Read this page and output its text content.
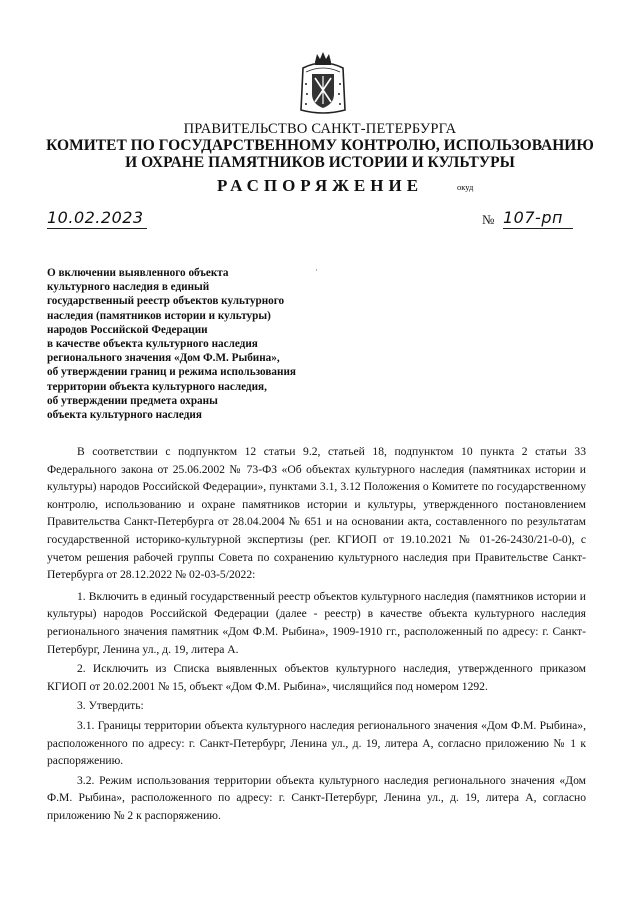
ПРАВИТЕЛЬСТВО САНКТ-ПЕТЕРБУРГА
КОМИТЕТ ПО ГОСУДАРСТВЕННОМУ КОНТРОЛЮ, ИСПОЛЬЗОВАНИЮ
И ОХРАНЕ ПАМЯТНИКОВ ИСТОРИИ И КУЛЬТУРЫ
РАСПОРЯЖЕНИЕ	окуд
10.02.2023	№ 107-рп
·
О включении выявленного объекта
культурного наследия в единый
государственный реестр объектов культурного
наследия (памятников истории и культуры)
народов Российской Федерации
в качестве объекта культурного наследия
регионального значения «Дом Ф.М. Рыбина»,
об утверждении границ и режима использования
территории объекта культурного наследия,
об утверждении предмета охраны
объекта культурного наследия

В соответствии с подпунктом 12 статьи 9.2, статьей 18, подпунктом 10 пункта 2 статьи 33 Федерального закона от 25.06.2002 № 73-ФЗ «Об объектах культурного наследия (памятниках истории и культуры) народов Российской Федерации», пунктами 3.1, 3.12 Положения о Комитете по государственному контролю, использованию и охране памятников истории и культуры, утвержденного постановлением Правительства Санкт-Петербурга от 28.04.2004 № 651 и на основании акта, составленного по результатам государственной историко-культурной экспертизы (рег. КГИОП от 19.10.2021 № 01-26-2430/21-0-0), с учетом решения рабочей группы Совета по сохранению культурного наследия при Правительстве Санкт-Петербурга от 28.12.2022 № 02-03-5/2022:

1. Включить в единый государственный реестр объектов культурного наследия (памятников истории и культуры) народов Российской Федерации (далее - реестр) в качестве объекта культурного наследия регионального значения памятник «Дом Ф.М. Рыбина», 1909-1910 гг., расположенный по адресу: г. Санкт-Петербург, Ленина ул., д. 19, литера А.

2. Исключить из Списка выявленных объектов культурного наследия, утвержденного приказом КГИОП от 20.02.2001 № 15, объект «Дом Ф.М. Рыбина», числящийся под номером 1292.

3. Утвердить:

3.1. Границы территории объекта культурного наследия регионального значения «Дом Ф.М. Рыбина», расположенного по адресу: г. Санкт-Петербург, Ленина ул., д. 19, литера А, согласно приложению № 1 к распоряжению.

3.2. Режим использования территории объекта культурного наследия регионального значения «Дом Ф.М. Рыбина», расположенного по адресу: г. Санкт-Петербург, Ленина ул., д. 19, литера А, согласно приложению № 2 к распоряжению.
